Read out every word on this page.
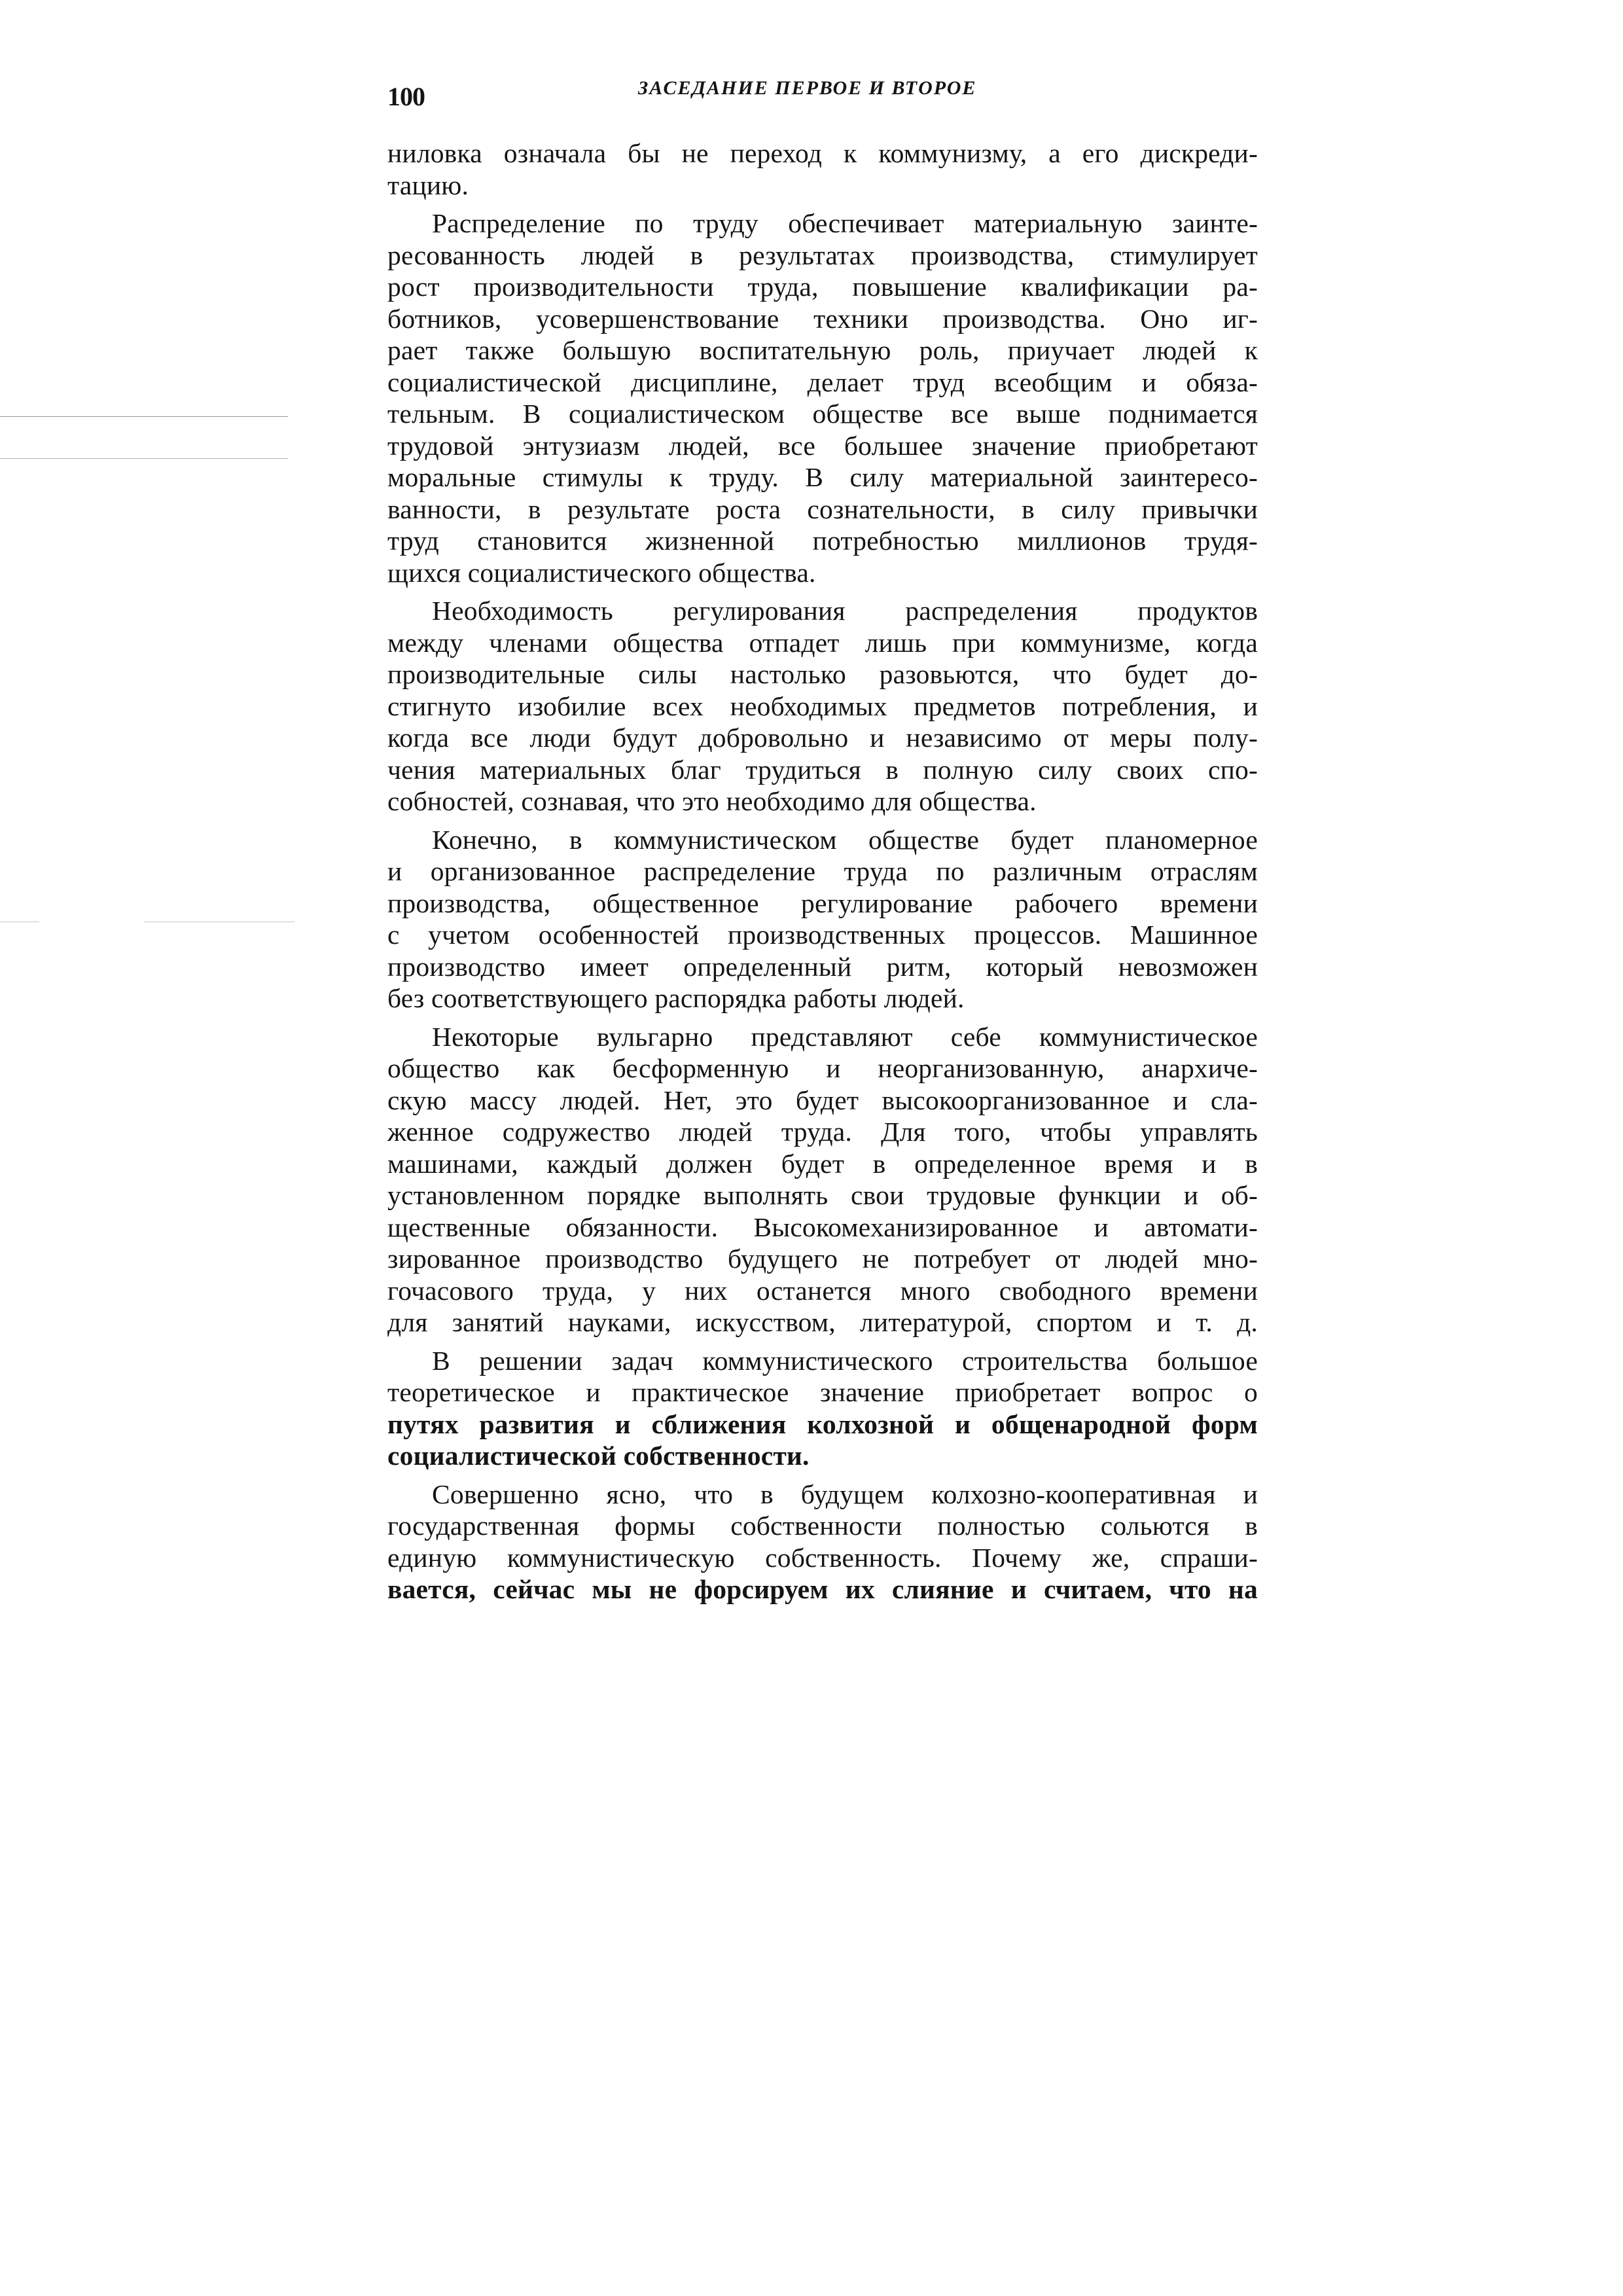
100	ЗАСЕДАНИЕ ПЕРВОЕ И ВТОРОЕ
ниловка означала бы не переход к коммунизму, а его дискреди-
тацию.
Распределение по труду обеспечивает материальную заинте-
ресованность людей в результатах производства, стимулирует
рост производительности труда, повышение квалификации ра-
ботников, усовершенствование техники производства. Оно иг-
рает также большую воспитательную роль, приучает людей к
социалистической дисциплине, делает труд всеобщим и обяза-
тельным. В социалистическом обществе все выше поднимается
трудовой энтузиазм людей, все большее значение приобретают
моральные стимулы к труду. В силу материальной заинтересо-
ванности, в результате роста сознательности, в силу привычки
труд становится жизненной потребностью миллионов трудя-
щихся социалистического общества.
Необходимость регулирования распределения продуктов
между членами общества отпадет лишь при коммунизме, когда
производительные силы настолько разовьются, что будет до-
стигнуто изобилие всех необходимых предметов потребления, и
когда все люди будут добровольно и независимо от меры полу-
чения материальных благ трудиться в полную силу своих спо-
собностей, сознавая, что это необходимо для общества.
Конечно, в коммунистическом обществе будет планомерное
и организованное распределение труда по различным отраслям
производства, общественное регулирование рабочего времени
с учетом особенностей производственных процессов. Машинное
производство имеет определенный ритм, который невозможен
без соответствующего распорядка работы людей.
Некоторые вульгарно представляют себе коммунистическое
общество как бесформенную и неорганизованную, анархиче-
скую массу людей. Нет, это будет высокоорганизованное и сла-
женное содружество людей труда. Для того, чтобы управлять
машинами, каждый должен будет в определенное время и в
установленном порядке выполнять свои трудовые функции и об-
щественные обязанности. Высокомеханизированное и автомати-
зированное производство будущего не потребует от людей мно-
гочасового труда, у них останется много свободного времени
для занятий науками, искусством, литературой, спортом и т. д.
В решении задач коммунистического строительства большое
теоретическое и практическое значение приобретает вопрос о
путях развития и сближения колхозной и общенародной форм
социалистической собственности.
Совершенно ясно, что в будущем колхозно-кооперативная и
государственная формы собственности полностью сольются в
единую коммунистическую собственность. Почему же, спраши-
вается, сейчас мы не форсируем их слияние и считаем, что на
